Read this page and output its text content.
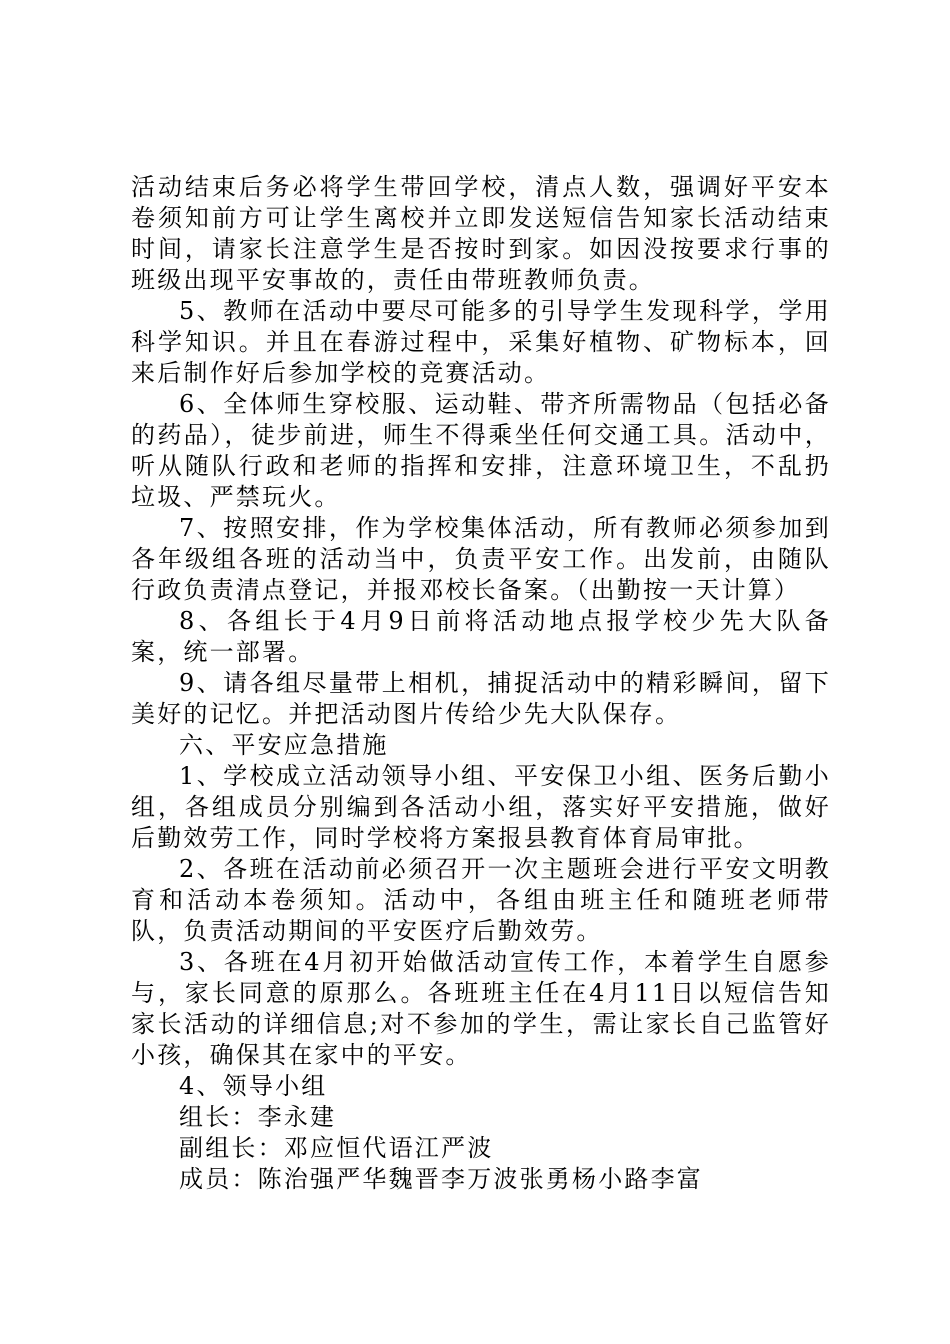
活动结束后务必将学生带回学校，清点人数，强调好平安本卷须知前方可让学生离校并立即发送短信告知家长活动结束时间，请家长注意学生是否按时到家。如因没按要求行事的班级出现平安事故的，责任由带班教师负责。

5、教师在活动中要尽可能多的引导学生发现科学，学用科学知识。并且在春游过程中，采集好植物、矿物标本，回来后制作好后参加学校的竞赛活动。

6、全体师生穿校服、运动鞋、带齐所需物品（包括必备的药品），徒步前进，师生不得乘坐任何交通工具。活动中，听从随队行政和老师的指挥和安排，注意环境卫生，不乱扔垃圾、严禁玩火。

7、按照安排，作为学校集体活动，所有教师必须参加到各年级组各班的活动当中，负责平安工作。出发前，由随队行政负责清点登记，并报邓校长备案。（出勤按一天计算）

8、各组长于4月9日前将活动地点报学校少先大队备案，统一部署。

9、请各组尽量带上相机，捕捉活动中的精彩瞬间，留下美好的记忆。并把活动图片传给少先大队保存。

六、平安应急措施

1、学校成立活动领导小组、平安保卫小组、医务后勤小组，各组成员分别编到各活动小组，落实好平安措施，做好后勤效劳工作，同时学校将方案报县教育体育局审批。

2、各班在活动前必须召开一次主题班会进行平安文明教育和活动本卷须知。活动中，各组由班主任和随班老师带队，负责活动期间的平安医疗后勤效劳。

3、各班在4月初开始做活动宣传工作，本着学生自愿参与，家长同意的原那么。各班班主任在4月11日以短信告知家长活动的详细信息;对不参加的学生，需让家长自己监管好小孩，确保其在家中的平安。

4、领导小组

组长：李永建

副组长：邓应恒代语江严波

成员：陈治强严华魏晋李万波张勇杨小路李富
